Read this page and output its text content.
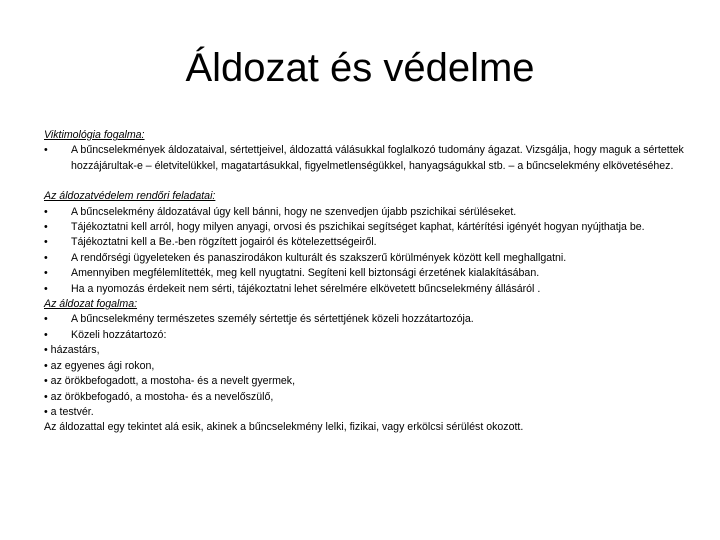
Áldozat és védelme

Viktimológia fogalma:

• A bűncselekmények áldozataival, sértettjeivel, áldozattá válásukkal foglalkozó tudomány ágazat. Vizsgálja, hogy maguk a sértettek hozzájárultak-e – életvitelükkel, magatartásukkal, figyelmetlenségükkel, hanyagságukkal stb. – a bűncselekmény elkövetéséhez.

Az áldozatvédelem rendőri feladatai:

• A bűncselekmény áldozatával úgy kell bánni, hogy ne szenvedjen újabb pszichikai sérüléseket.
• Tájékoztatni kell arról, hogy milyen anyagi, orvosi és pszichikai segítséget kaphat, kártérítési igényét hogyan nyújthatja be.
• Tájékoztatni kell a Be.-ben rögzített jogairól és kötelezettségeiről.
• A rendőrségi ügyeleteken és panaszirodákon kulturált és szakszerű körülmények között kell meghallgatni.
• Amennyiben megfélemlítették, meg kell nyugtatni. Segíteni kell biztonsági érzetének kialakításában.
• Ha a nyomozás érdekeit nem sérti, tájékoztatni lehet sérelmére elkövetett bűncselekmény állásáról .

Az áldozat fogalma:

• A bűncselekmény természetes személy sértettje és sértettjének közeli hozzátartozója.
• Közeli hozzátartozó:

• házastárs,

• az egyenes ági rokon,

• az örökbefogadott, a mostoha- és a nevelt gyermek,

• az örökbefogadó, a mostoha- és a nevelőszülő,

• a testvér.

Az áldozattal egy tekintet alá esik, akinek a bűncselekmény lelki, fizikai, vagy erkölcsi sérülést okozott.
